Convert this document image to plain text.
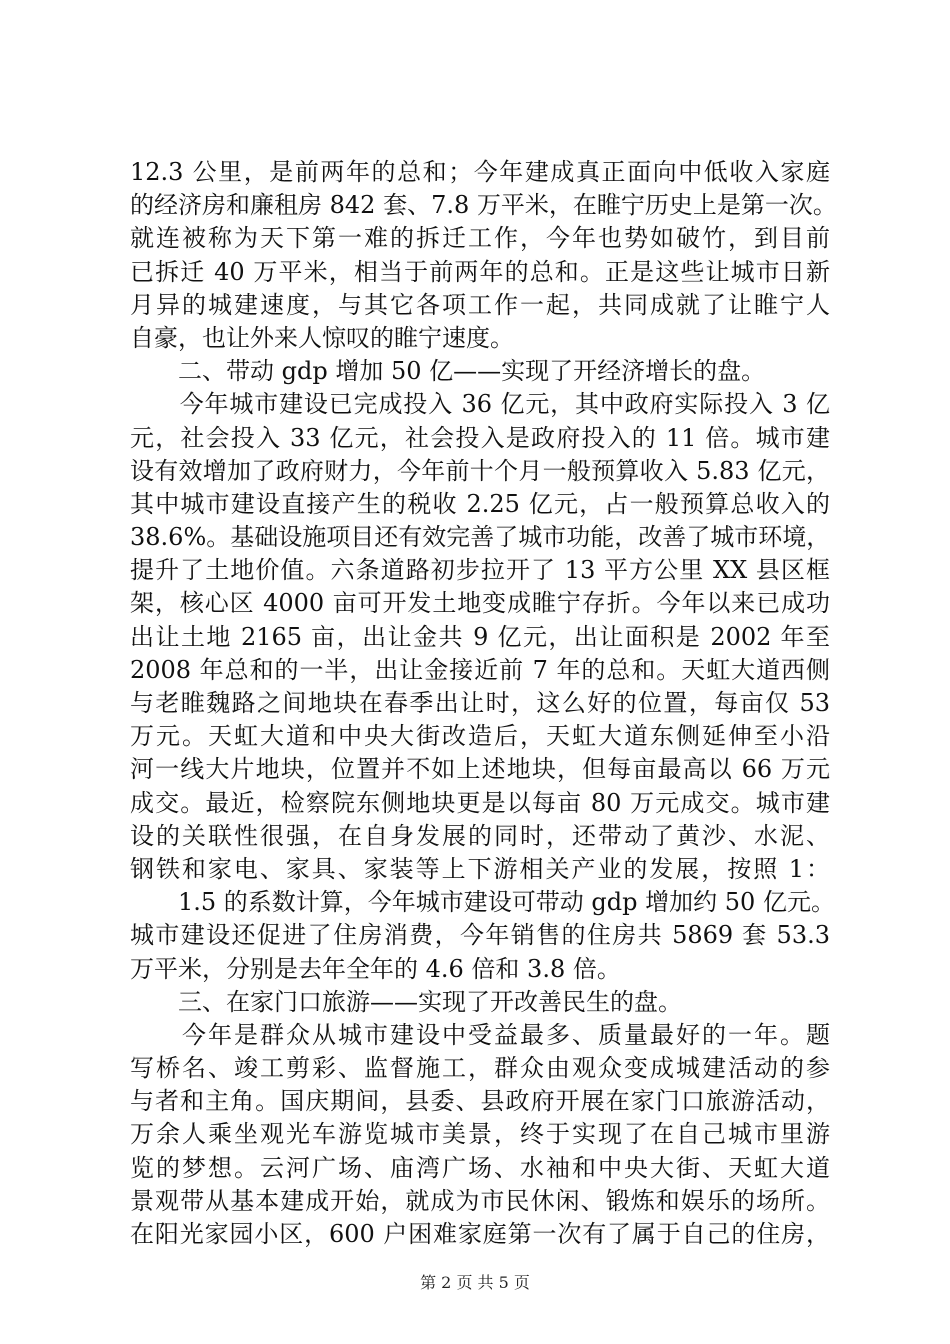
12.3 公里，是前两年的总和；今年建成真正面向中低收入家庭
的经济房和廉租房 842 套、7.8 万平米，在睢宁历史上是第一次。
就连被称为天下第一难的拆迁工作，今年也势如破竹，到目前
已拆迁 40 万平米，相当于前两年的总和。正是这些让城市日新
月异的城建速度，与其它各项工作一起，共同成就了让睢宁人
自豪，也让外来人惊叹的睢宁速度。
　　二、带动 gdp 增加 50 亿——实现了开经济增长的盘。
　　今年城市建设已完成投入 36 亿元，其中政府实际投入 3 亿
元，社会投入 33 亿元，社会投入是政府投入的 11 倍。城市建
设有效增加了政府财力，今年前十个月一般预算收入 5.83 亿元，
其中城市建设直接产生的税收 2.25 亿元，占一般预算总收入的
38.6%。基础设施项目还有效完善了城市功能，改善了城市环境，
提升了土地价值。六条道路初步拉开了 13 平方公里 XX 县区框
架，核心区 4000 亩可开发土地变成睢宁存折。今年以来已成功
出让土地 2165 亩，出让金共 9 亿元，出让面积是 2002 年至
2008 年总和的一半，出让金接近前 7 年的总和。天虹大道西侧
与老睢魏路之间地块在春季出让时，这么好的位置，每亩仅 53
万元。天虹大道和中央大街改造后，天虹大道东侧延伸至小沿
河一线大片地块，位置并不如上述地块，但每亩最高以 66 万元
成交。最近，检察院东侧地块更是以每亩 80 万元成交。城市建
设的关联性很强，在自身发展的同时，还带动了黄沙、水泥、
钢铁和家电、家具、家装等上下游相关产业的发展，按照 1：
　　1.5 的系数计算，今年城市建设可带动 gdp 增加约 50 亿元。
城市建设还促进了住房消费，今年销售的住房共 5869 套 53.3
万平米，分别是去年全年的 4.6 倍和 3.8 倍。
　　三、在家门口旅游——实现了开改善民生的盘。
　　今年是群众从城市建设中受益最多、质量最好的一年。题
写桥名、竣工剪彩、监督施工，群众由观众变成城建活动的参
与者和主角。国庆期间，县委、县政府开展在家门口旅游活动，
万余人乘坐观光车游览城市美景，终于实现了在自己城市里游
览的梦想。云河广场、庙湾广场、水袖和中央大街、天虹大道
景观带从基本建成开始，就成为市民休闲、锻炼和娱乐的场所。
在阳光家园小区，600 户困难家庭第一次有了属于自己的住房，
第 2 页 共 5 页
